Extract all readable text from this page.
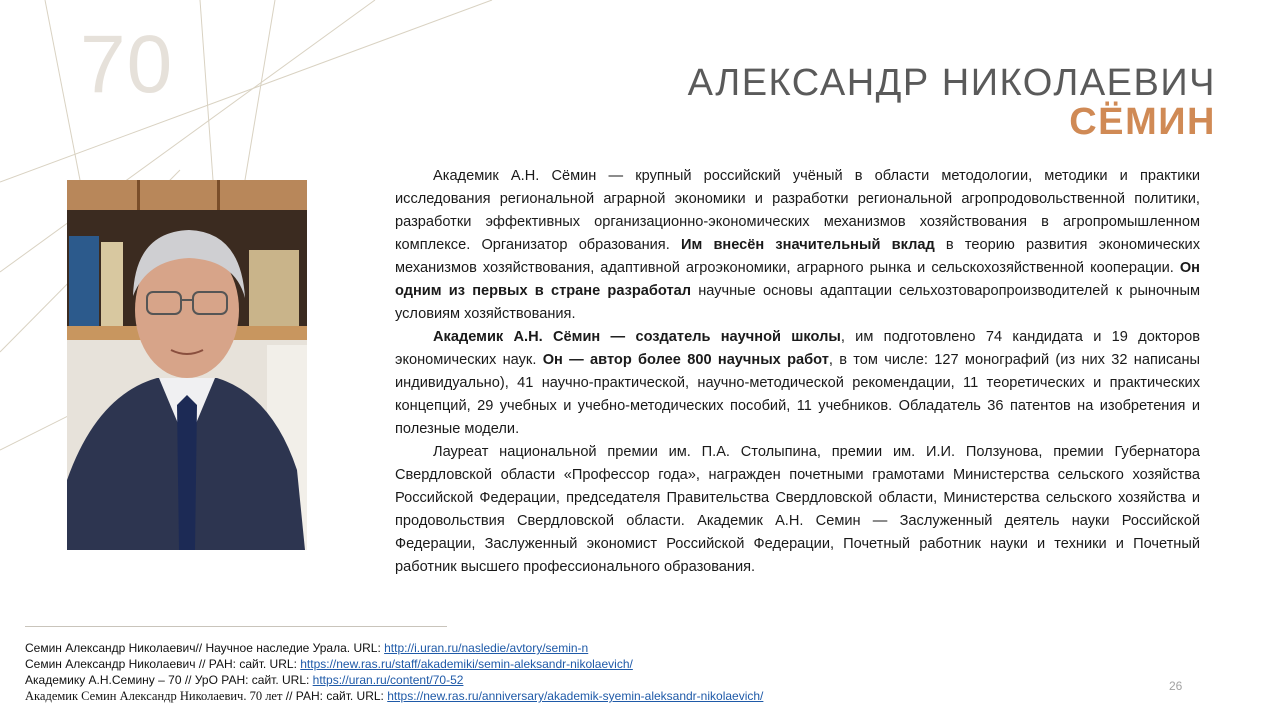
70	АЛЕКСАНДР НИКОЛАЕВИЧ
СЁМИН

Академик А.Н. Сёмин — крупный российский учёный в области методологии, методики и практики исследования региональной аграрной экономики и разработки региональной агропродовольственной политики, разработки эффективных организационно-экономических механизмов хозяйствования в агропромышленном комплексе. Организатор образования. Им внесён значительный вклад в теорию развития экономических механизмов хозяйствования, адаптивной агроэкономики, аграрного рынка и сельскохозяйственной кооперации. Он одним из первых в стране разработал научные основы адаптации сельхозтоваропроизводителей к рыночным условиям хозяйствования.

Академик А.Н. Сёмин — создатель научной школы, им подготовлено 74 кандидата и 19 докторов экономических наук. Он — автор более 800 научных работ, в том числе: 127 монографий (из них 32 написаны индивидуально), 41 научно-практической, научно-методической рекомендации, 11 теоретических и практических концепций, 29 учебных и учебно-методических пособий, 11 учебников. Обладатель 36 патентов на изобретения и полезные модели.

Лауреат национальной премии им. П.А. Столыпина, премии им. И.И. Ползунова, премии Губернатора Свердловской области «Профессор года», награжден почетными грамотами Министерства сельского хозяйства Российской Федерации, председателя Правительства Свердловской области, Министерства сельского хозяйства и продовольствия Свердловской области. Академик А.Н. Семин — Заслуженный деятель науки Российской Федерации, Заслуженный экономист Российской Федерации, Почетный работник науки и техники и Почетный работник высшего профессионального образования.

Семин Александр Николаевич// Научное наследие Урала. URL: http://i.uran.ru/nasledie/avtory/semin-n
Семин Александр Николаевич // РАН: сайт. URL: https://new.ras.ru/staff/akademiki/semin-aleksandr-nikolaevich/
Академику А.Н.Семину – 70 // УрО РАН: сайт. URL: https://uran.ru/content/70-52
Академик Семин Александр Николаевич. 70 лет // РАН: сайт. URL: https://new.ras.ru/anniversary/akademik-syemin-aleksandr-nikolaevich/
26
